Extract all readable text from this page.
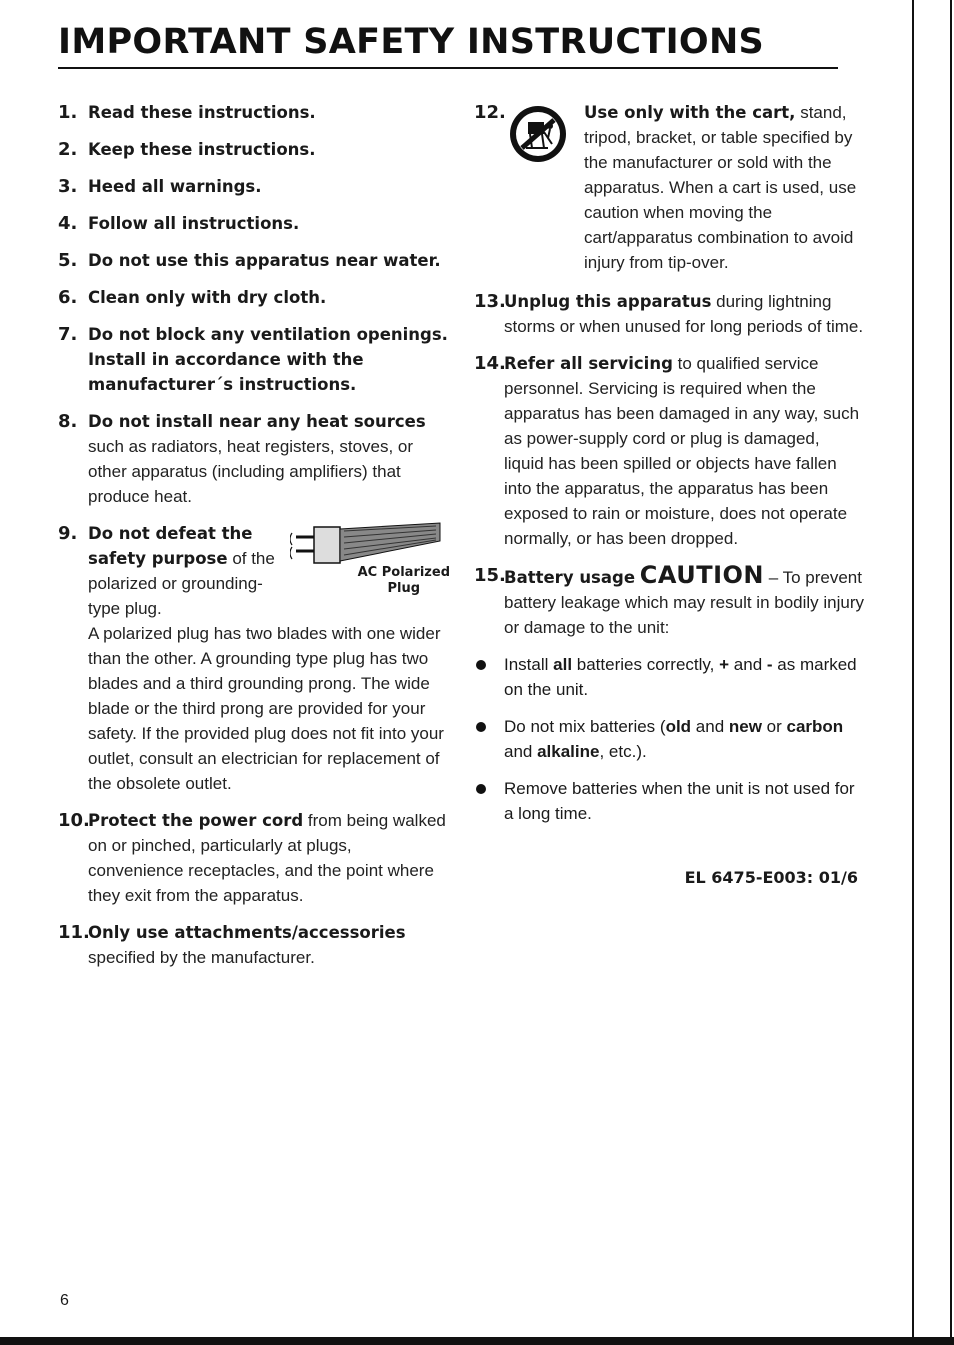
IMPORTANT SAFETY INSTRUCTIONS
1. Read these instructions.
2. Keep these instructions.
3. Heed all warnings.
4. Follow all instructions.
5. Do not use this apparatus near water.
6. Clean only with dry cloth.
7. Do not block any ventilation openings. Install in accordance with the manufacturer´s instructions.
8. Do not install near any heat sources
such as radiators, heat registers, stoves, or other apparatus (including amplifiers) that produce heat.
9.
AC Polarized
Plug
Do not defeat the safety purpose of the polarized or grounding-type plug.
A polarized plug has two blades with one wider than the other. A grounding type plug has two blades and a third grounding prong. The wide blade or the third prong are provided for your safety. If the provided plug does not fit into your outlet, consult an electrician for replacement of the obsolete outlet.
10.
Protect the power cord from being walked on or pinched, particularly at plugs, convenience receptacles, and the point where they exit from the apparatus.
11.
Only use attachments/accessories
specified by the manufacturer.
12.	Use only with the cart, stand, tripod, bracket, or table specified by the manufacturer or sold with the apparatus. When a cart is used, use caution when moving the cart/apparatus combination to avoid injury from tip-over.
13.
Unplug this apparatus during lightning storms or when unused for long periods of time.
14.
Refer all servicing to qualified service personnel. Servicing is required when the apparatus has been damaged in any way, such as power-supply cord or plug is damaged, liquid has been spilled or objects have fallen into the apparatus, the apparatus has been exposed to rain or moisture, does not operate normally, or has been dropped.
15.
Battery usage CAUTION – To prevent battery leakage which may result in bodily injury or damage to the unit:
Install all batteries correctly, + and - as marked on the unit.
Do not mix batteries (old and new or carbon and alkaline, etc.).
Remove batteries when the unit is not used for a long time.
EL 6475-E003: 01/6
6
